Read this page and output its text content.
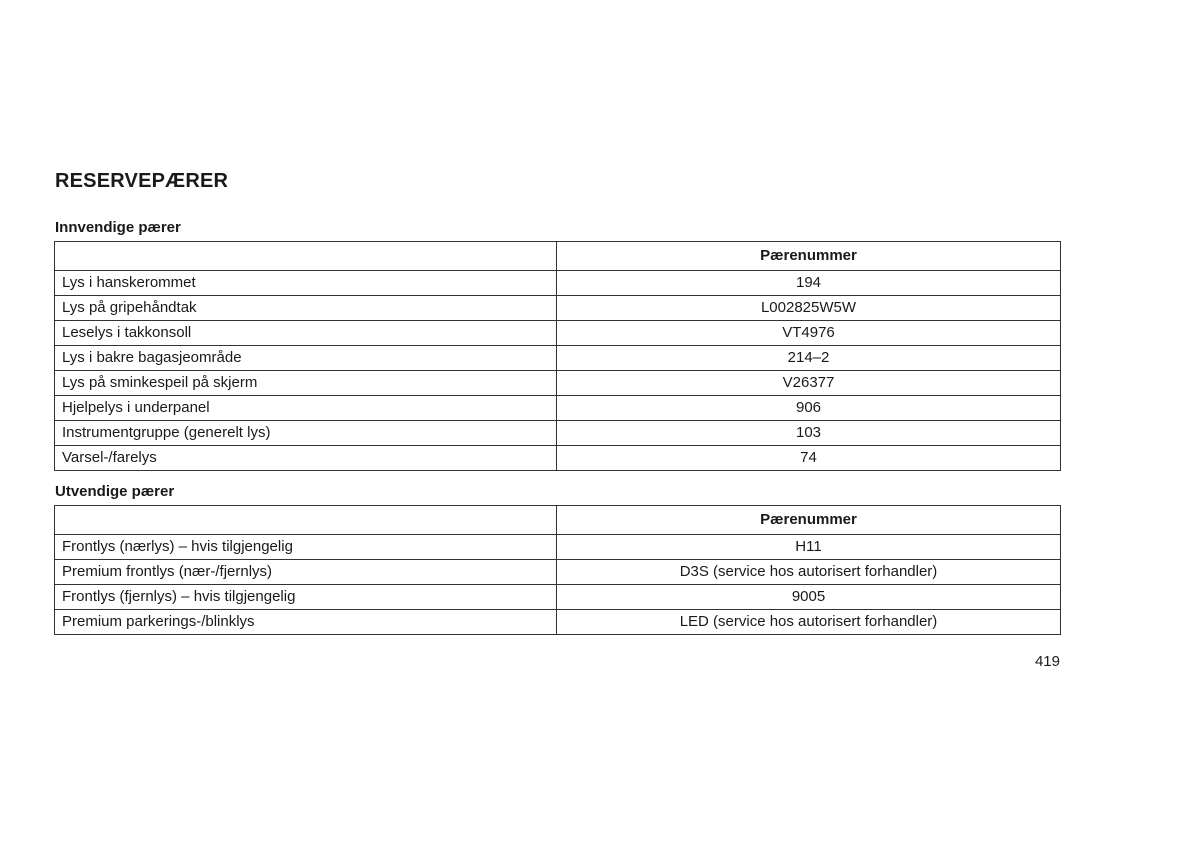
RESERVEPÆRER
Innvendige pærer
	Pærenummer
Lys i hanskerommet	194
Lys på gripehåndtak	L002825W5W
Leselys i takkonsoll	VT4976
Lys i bakre bagasjeområde	214–2
Lys på sminkespeil på skjerm	V26377
Hjelpelys i underpanel	906
Instrumentgruppe (generelt lys)	103
Varsel-/farelys	74
Utvendige pærer
	Pærenummer
Frontlys (nærlys) – hvis tilgjengelig	H11
Premium frontlys (nær-/fjernlys)	D3S (service hos autorisert forhandler)
Frontlys (fjernlys) – hvis tilgjengelig	9005
Premium parkerings-/blinklys	LED (service hos autorisert forhandler)
419
